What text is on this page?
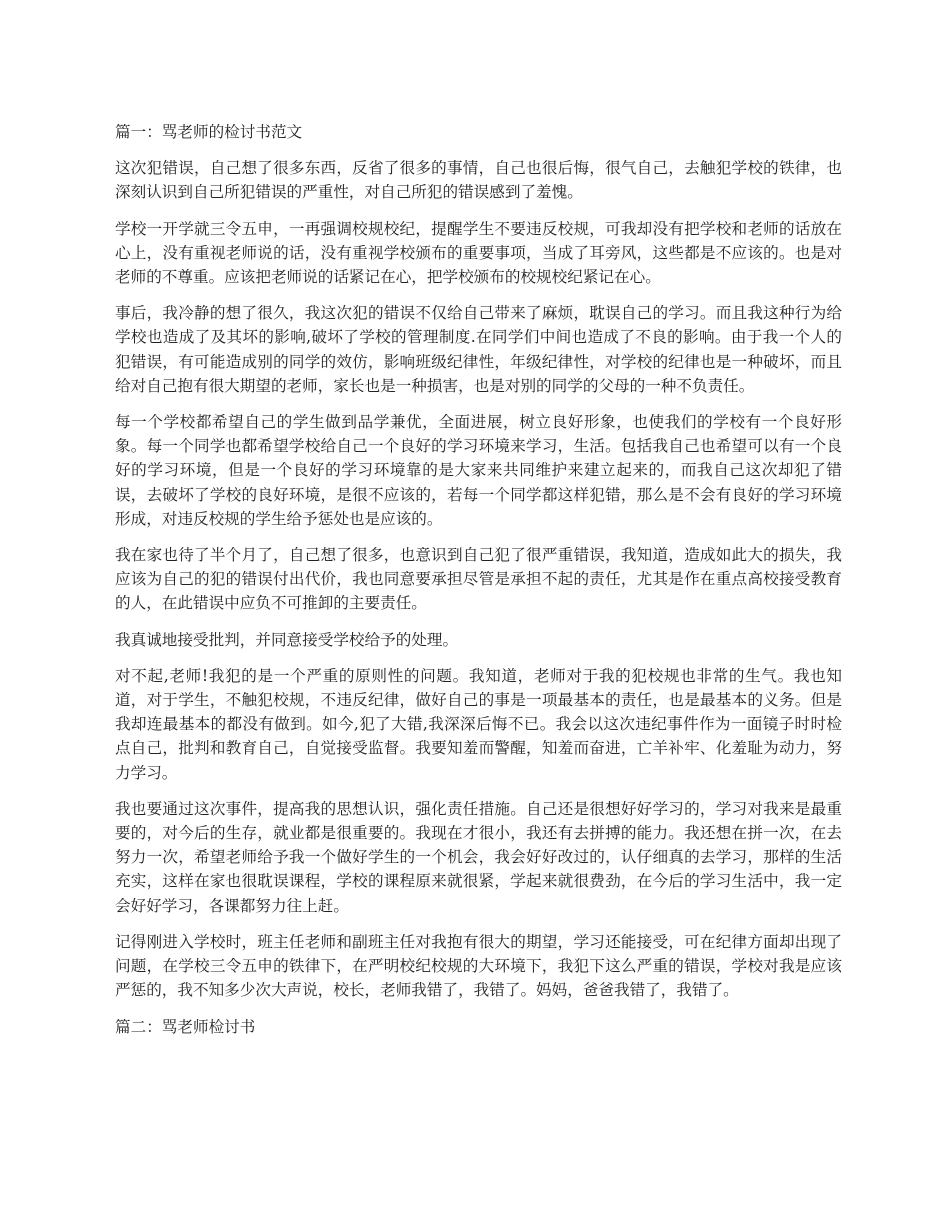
篇一：骂老师的检讨书范文

这次犯错误，自己想了很多东西，反省了很多的事情，自己也很后悔，很气自己，去触犯学校的铁律，也深刻认识到自己所犯错误的严重性，对自己所犯的错误感到了羞愧。

学校一开学就三令五申，一再强调校规校纪，提醒学生不要违反校规，可我却没有把学校和老师的话放在心上，没有重视老师说的话，没有重视学校颁布的重要事项，当成了耳旁风，这些都是不应该的。也是对老师的不尊重。应该把老师说的话紧记在心，把学校颁布的校规校纪紧记在心。

事后，我冷静的想了很久，我这次犯的错误不仅给自己带来了麻烦，耽误自己的学习。而且我这种行为给学校也造成了及其坏的影响,破坏了学校的管理制度.在同学们中间也造成了不良的影响。由于我一个人的犯错误，有可能造成别的同学的效仿，影响班级纪律性，年级纪律性，对学校的纪律也是一种破坏，而且给对自己抱有很大期望的老师，家长也是一种损害，也是对别的同学的父母的一种不负责任。

每一个学校都希望自己的学生做到品学兼优，全面进展，树立良好形象，也使我们的学校有一个良好形象。每一个同学也都希望学校给自己一个良好的学习环境来学习，生活。包括我自己也希望可以有一个良好的学习环境，但是一个良好的学习环境靠的是大家来共同维护来建立起来的，而我自己这次却犯了错误，去破坏了学校的良好环境，是很不应该的，若每一个同学都这样犯错，那么是不会有良好的学习环境形成，对违反校规的学生给予惩处也是应该的。

我在家也待了半个月了，自己想了很多，也意识到自己犯了很严重错误，我知道，造成如此大的损失，我应该为自己的犯的错误付出代价，我也同意要承担尽管是承担不起的责任，尤其是作在重点高校接受教育的人，在此错误中应负不可推卸的主要责任。

我真诚地接受批判，并同意接受学校给予的处理。

对不起,老师!我犯的是一个严重的原则性的问题。我知道，老师对于我的犯校规也非常的生气。我也知道，对于学生，不触犯校规，不违反纪律，做好自己的事是一项最基本的责任，也是最基本的义务。但是我却连最基本的都没有做到。如今,犯了大错,我深深后悔不已。我会以这次违纪事件作为一面镜子时时检点自己，批判和教育自己，自觉接受监督。我要知羞而警醒，知羞而奋进，亡羊补牢、化羞耻为动力，努力学习。

我也要通过这次事件，提高我的思想认识，强化责任措施。自己还是很想好好学习的，学习对我来是最重要的，对今后的生存，就业都是很重要的。我现在才很小，我还有去拼搏的能力。我还想在拼一次，在去努力一次，希望老师给予我一个做好学生的一个机会，我会好好改过的，认仔细真的去学习，那样的生活充实，这样在家也很耽误课程，学校的课程原来就很紧，学起来就很费劲，在今后的学习生活中，我一定会好好学习，各课都努力往上赶。

记得刚进入学校时，班主任老师和副班主任对我抱有很大的期望，学习还能接受，可在纪律方面却出现了问题，在学校三令五申的铁律下，在严明校纪校规的大环境下，我犯下这么严重的错误，学校对我是应该严惩的，我不知多少次大声说，校长，老师我错了，我错了。妈妈，爸爸我错了，我错了。

篇二：骂老师检讨书
